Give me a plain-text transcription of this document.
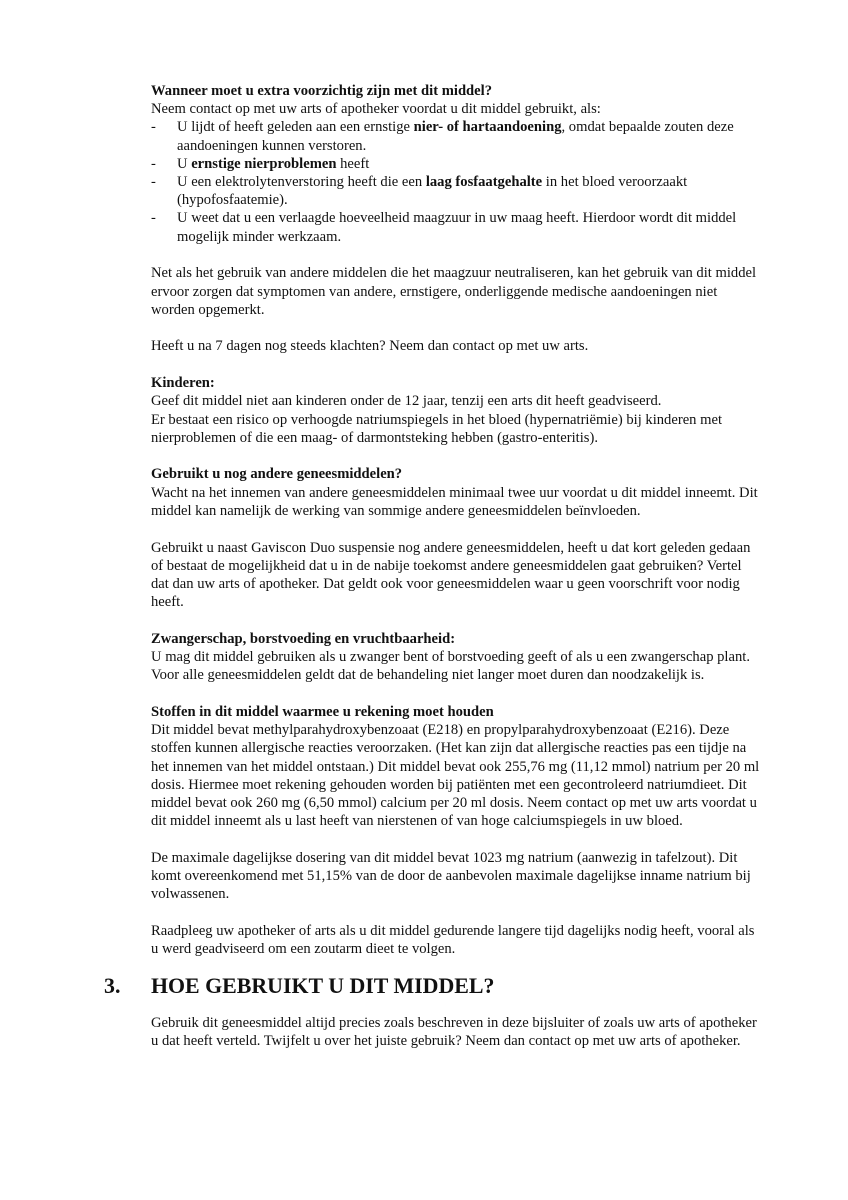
Wanneer moet u extra voorzichtig zijn met dit middel?

Neem contact op met uw arts of apotheker voordat u dit middel gebruikt, als:

- U lijdt of heeft geleden aan een ernstige nier- of hartaandoening, omdat bepaalde zouten deze aandoeningen kunnen verstoren.
- U ernstige nierproblemen heeft
- U een elektrolytenverstoring heeft die een laag fosfaatgehalte in het bloed veroorzaakt (hypofosfaatemie).
- U weet dat u een verlaagde hoeveelheid maagzuur in uw maag heeft. Hierdoor wordt dit middel mogelijk minder werkzaam.

Net als het gebruik van andere middelen die het maagzuur neutraliseren, kan het gebruik van dit middel ervoor zorgen dat symptomen van andere, ernstigere, onderliggende medische aandoeningen niet worden opgemerkt.

Heeft u na 7 dagen nog steeds klachten? Neem dan contact op met uw arts.

Kinderen:

Geef dit middel niet aan kinderen onder de 12 jaar, tenzij een arts dit heeft geadviseerd.

Er bestaat een risico op verhoogde natriumspiegels in het bloed (hypernatriëmie) bij kinderen met nierproblemen of die een maag- of darmontsteking hebben (gastro-enteritis).

Gebruikt u nog andere geneesmiddelen?

Wacht na het innemen van andere geneesmiddelen minimaal twee uur voordat u dit middel inneemt. Dit middel kan namelijk de werking van sommige andere geneesmiddelen beïnvloeden.

Gebruikt u naast Gaviscon Duo suspensie nog andere geneesmiddelen, heeft u dat kort geleden gedaan of bestaat de mogelijkheid dat u in de nabije toekomst andere geneesmiddelen gaat gebruiken? Vertel dat dan uw arts of apotheker. Dat geldt ook voor geneesmiddelen waar u geen voorschrift voor nodig heeft.

Zwangerschap, borstvoeding en vruchtbaarheid:

U mag dit middel gebruiken als u zwanger bent of borstvoeding geeft of als u een zwangerschap plant. Voor alle geneesmiddelen geldt dat de behandeling niet langer moet duren dan noodzakelijk is.

Stoffen in dit middel waarmee u rekening moet houden

Dit middel bevat methylparahydroxybenzoaat (E218) en propylparahydroxybenzoaat (E216). Deze stoffen kunnen allergische reacties veroorzaken. (Het kan zijn dat allergische reacties pas een tijdje na het innemen van het middel ontstaan.) Dit middel bevat ook 255,76 mg (11,12 mmol) natrium per 20 ml dosis. Hiermee moet rekening gehouden worden bij patiënten met een gecontroleerd natriumdieet. Dit middel bevat ook 260 mg (6,50 mmol) calcium per 20 ml dosis. Neem contact op met uw arts voordat u dit middel inneemt als u last heeft van nierstenen of van hoge calciumspiegels in uw bloed.

De maximale dagelijkse dosering van dit middel bevat 1023 mg natrium (aanwezig in tafelzout). Dit komt overeenkomend met 51,15% van de door de aanbevolen maximale dagelijkse inname natrium bij volwassenen.

Raadpleeg uw apotheker of arts als u dit middel gedurende langere tijd dagelijks nodig heeft, vooral als u werd geadviseerd om een zoutarm dieet te volgen.

3. HOE GEBRUIKT U DIT MIDDEL?

Gebruik dit geneesmiddel altijd precies zoals beschreven in deze bijsluiter of zoals uw arts of apotheker u dat heeft verteld. Twijfelt u over het juiste gebruik? Neem dan contact op met uw arts of apotheker.
